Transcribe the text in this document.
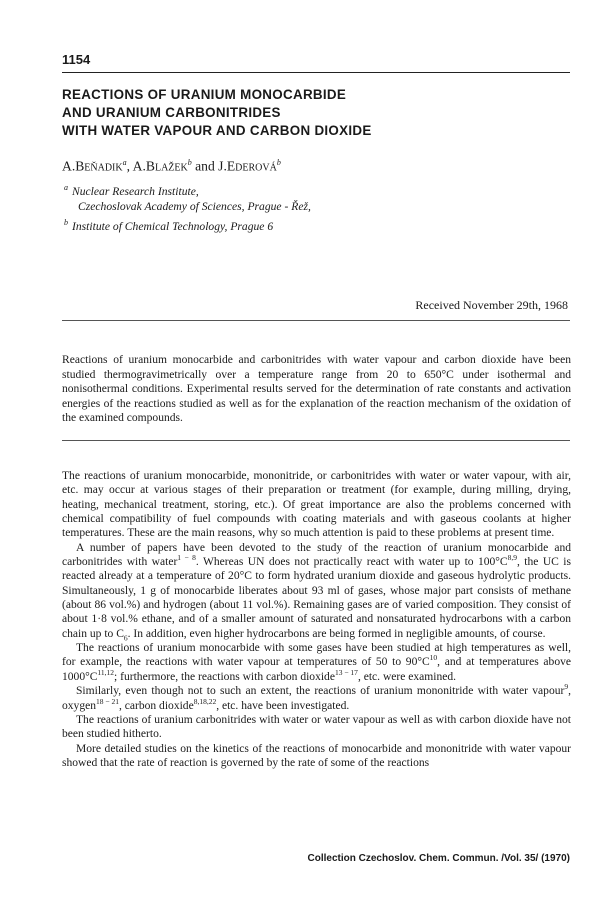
1154
REACTIONS OF URANIUM MONOCARBIDE
AND URANIUM CARBONITRIDES
WITH WATER VAPOUR AND CARBON DIOXIDE
A.Beňadik$^a$, A.Blažek$^b$ and J.Ederová$^b$
$^a$ Nuclear Research Institute,
Czechoslovak Academy of Sciences, Prague - Řež,
$^b$ Institute of Chemical Technology, Prague 6
Received November 29th, 1968
Reactions of uranium monocarbide and carbonitrides with water vapour and carbon dioxide have been studied thermogravimetrically over a temperature range from 20 to 650°C under isothermal and nonisothermal conditions. Experimental results served for the determination of rate constants and activation energies of the reactions studied as well as for the explanation of the reaction mechanism of the oxidation of the examined compounds.

The reactions of uranium monocarbide, mononitride, or carbonitrides with water or water vapour, with air, etc. may occur at various stages of their preparation or treatment (for example, during milling, drying, heating, mechanical treatment, storing, etc.). Of great importance are also the problems concerned with chemical compatibility of fuel compounds with coating materials and with gaseous coolants at higher temperatures. These are the main reasons, why so much attention is paid to these problems at present time.

A number of papers have been devoted to the study of the reaction of uranium monocarbide and carbonitrides with water$^{1 - 8}$. Whereas UN does not practically react with water up to $100^\circ C^{8,9}$, the UC is reacted already at a temperature of 20°C to form hydrated uranium dioxide and gaseous hydrolytic products. Simultaneously, 1 g of monocarbide liberates about 93 ml of gases, whose major part consists of methane (about 86 vol.%) and hydrogen (about 11 vol.%). Remaining gases are of varied composition. They consist of about 1·8 vol.% ethane, and of a smaller amount of saturated and nonsaturated hydrocarbons with a carbon chain up to $C_6$. In addition, even higher hydrocarbons are being formed in negligible amounts, of course.

The reactions of uranium monocarbide with some gases have been studied at high temperatures as well, for example, the reactions with water vapour at temperatures of 50 to $90^\circ C^{10}$, and at temperatures above $1000^\circ C^{11,12}$; furthermore, the reactions with carbon dioxide$^{13 - 17}$, etc. were examined.

Similarly, even though not to such an extent, the reactions of uranium mononitride with water vapour$^9$, oxygen$^{18 - 21}$, carbon dioxide$^{8,18,22}$, etc. have been investigated.

The reactions of uranium carbonitrides with water or water vapour as well as with carbon dioxide have not been studied hitherto.

More detailed studies on the kinetics of the reactions of monocarbide and mononitride with water vapour showed that the rate of reaction is governed by the rate of some of the reactions

Collection Czechoslov. Chem. Commun. /Vol. 35/ (1970)
